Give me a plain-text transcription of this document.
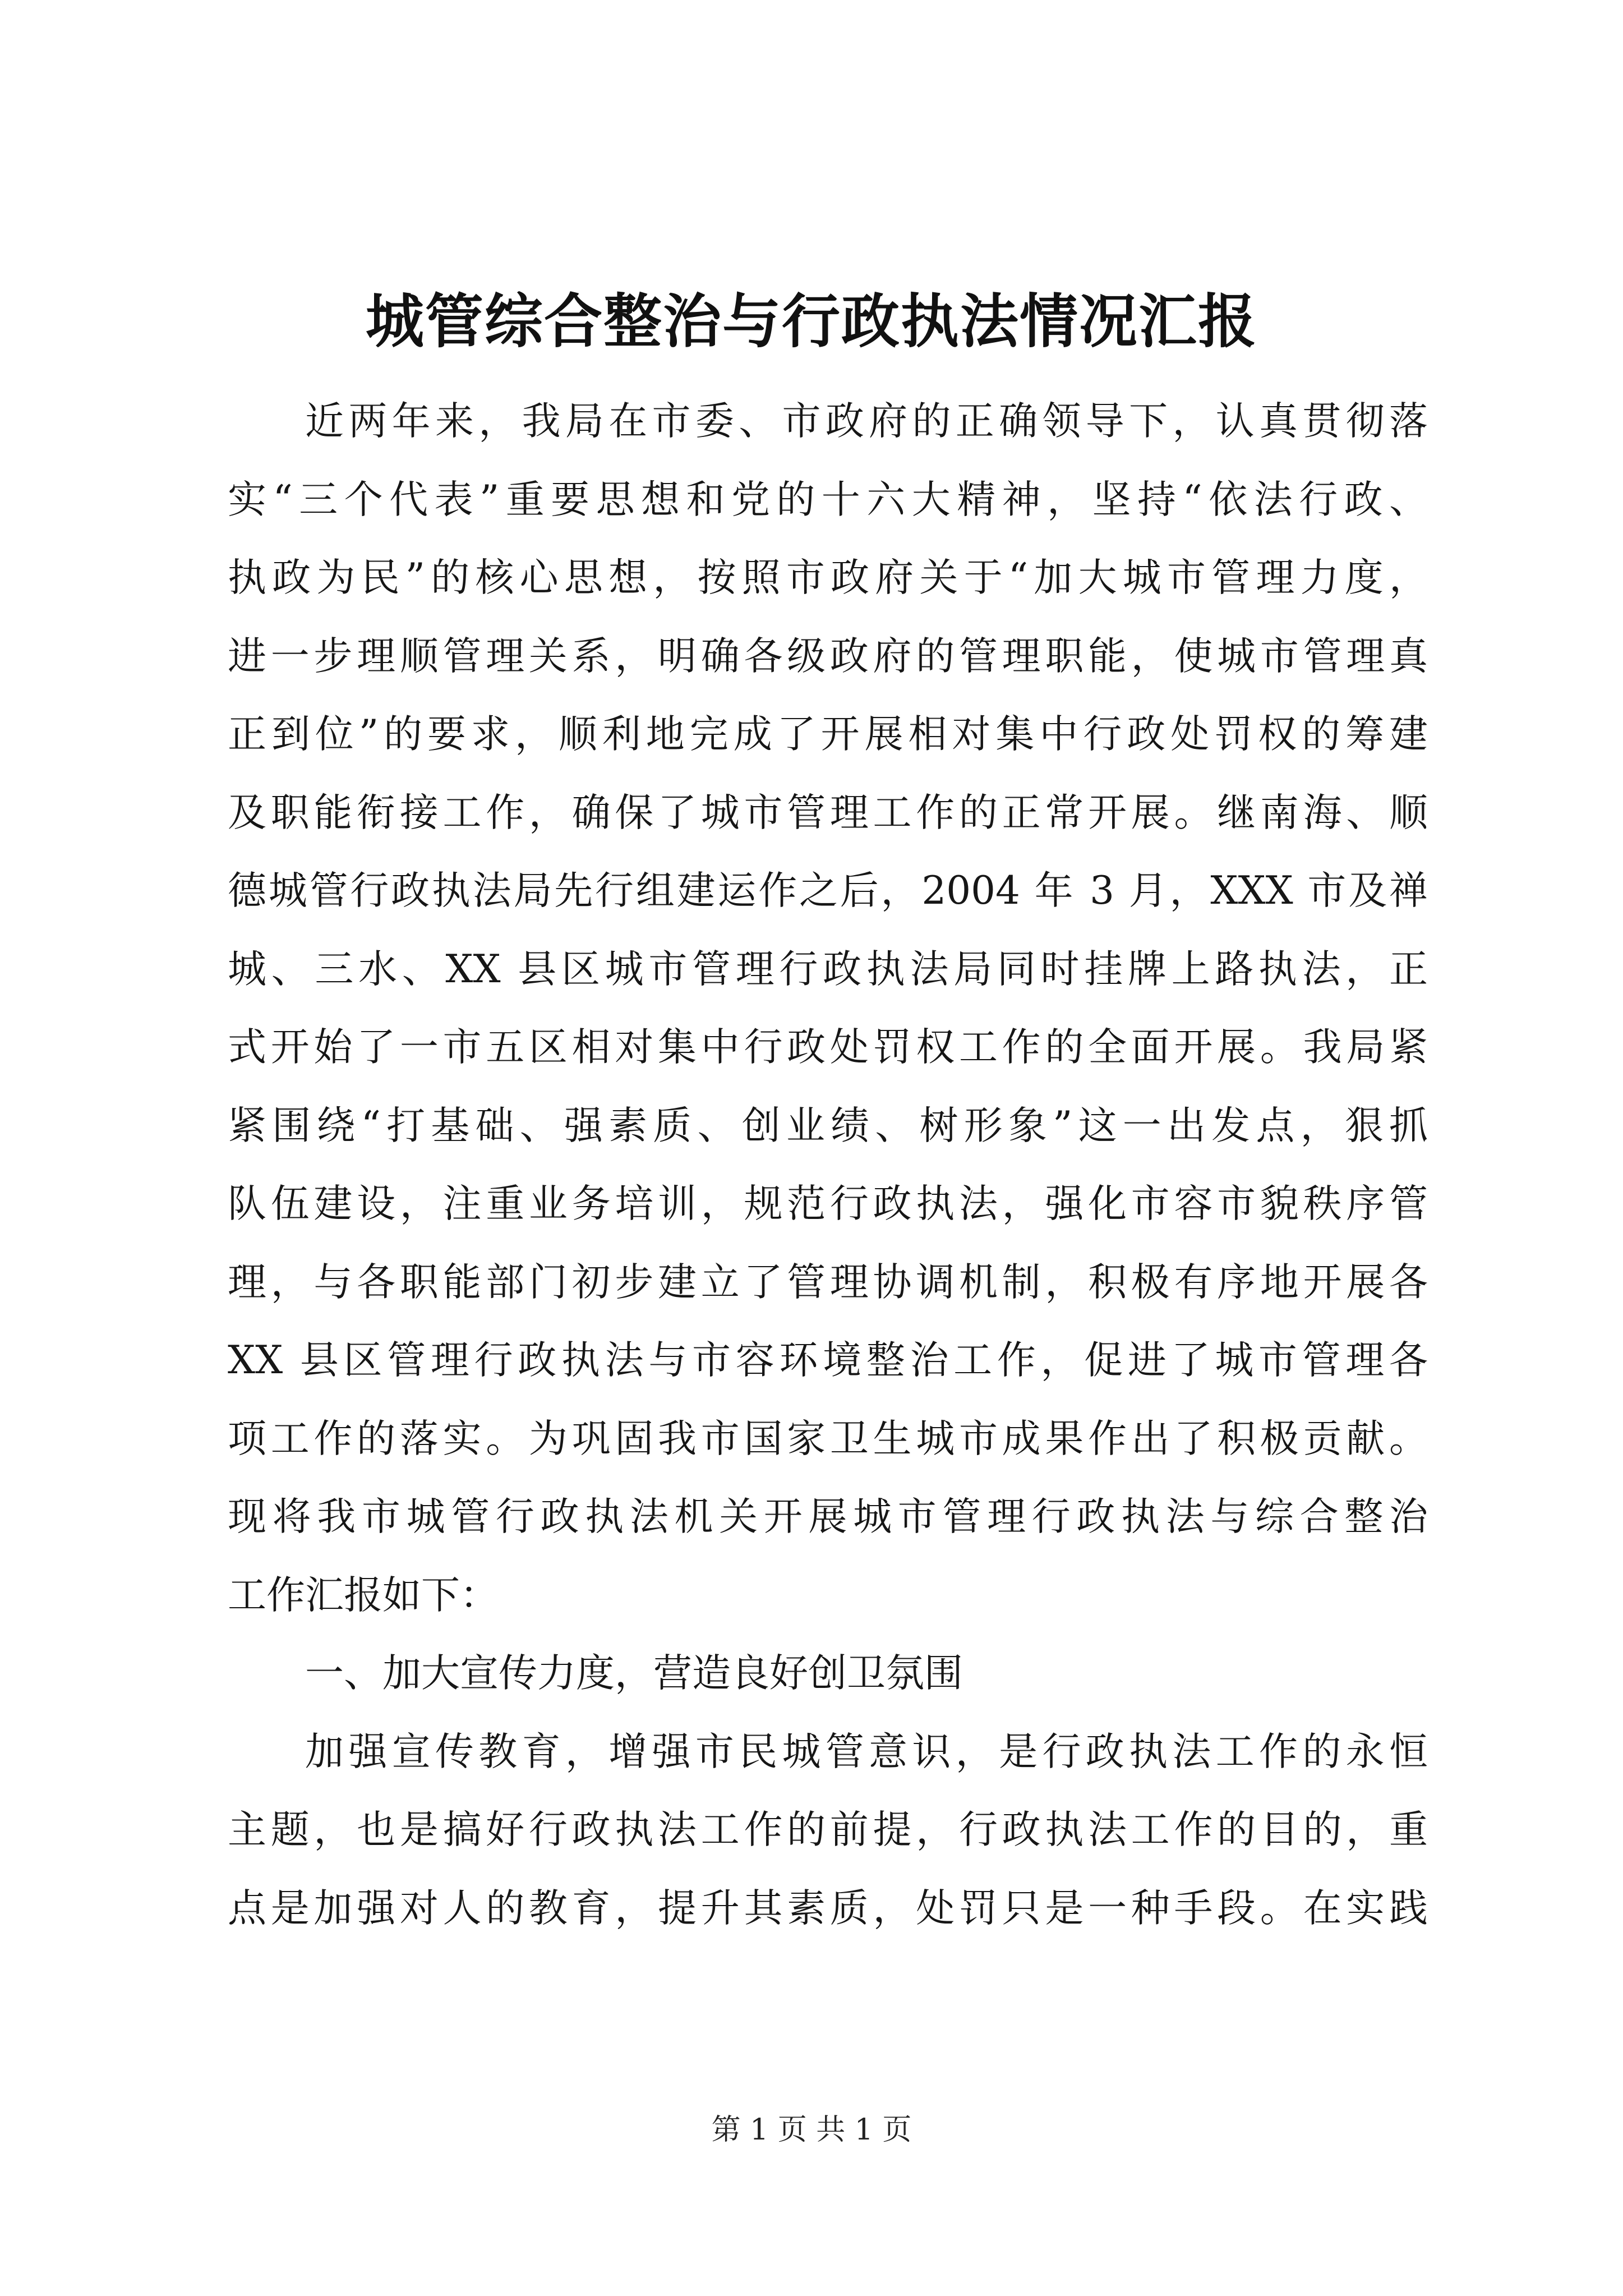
城管综合整治与行政执法情况汇报
近两年来，我局在市委、市政府的正确领导下，认真贯彻落
实“三个代表”重要思想和党的十六大精神，坚持“依法行政、
执政为民”的核心思想，按照市政府关于“加大城市管理力度，
进一步理顺管理关系，明确各级政府的管理职能，使城市管理真
正到位”的要求，顺利地完成了开展相对集中行政处罚权的筹建
及职能衔接工作，确保了城市管理工作的正常开展。继南海、顺
德城管行政执法局先行组建运作之后，2004 年 3 月，XXX 市及禅
城、三水、XX 县区城市管理行政执法局同时挂牌上路执法，正
式开始了一市五区相对集中行政处罚权工作的全面开展。我局紧
紧围绕“打基础、强素质、创业绩、树形象”这一出发点，狠抓
队伍建设，注重业务培训，规范行政执法，强化市容市貌秩序管
理，与各职能部门初步建立了管理协调机制，积极有序地开展各
XX 县区管理行政执法与市容环境整治工作，促进了城市管理各
项工作的落实。为巩固我市国家卫生城市成果作出了积极贡献。
现将我市城管行政执法机关开展城市管理行政执法与综合整治
工作汇报如下：
一、加大宣传力度，营造良好创卫氛围
加强宣传教育，增强市民城管意识，是行政执法工作的永恒
主题，也是搞好行政执法工作的前提，行政执法工作的目的，重
点是加强对人的教育，提升其素质，处罚只是一种手段。在实践
第 1 页 共 1 页
